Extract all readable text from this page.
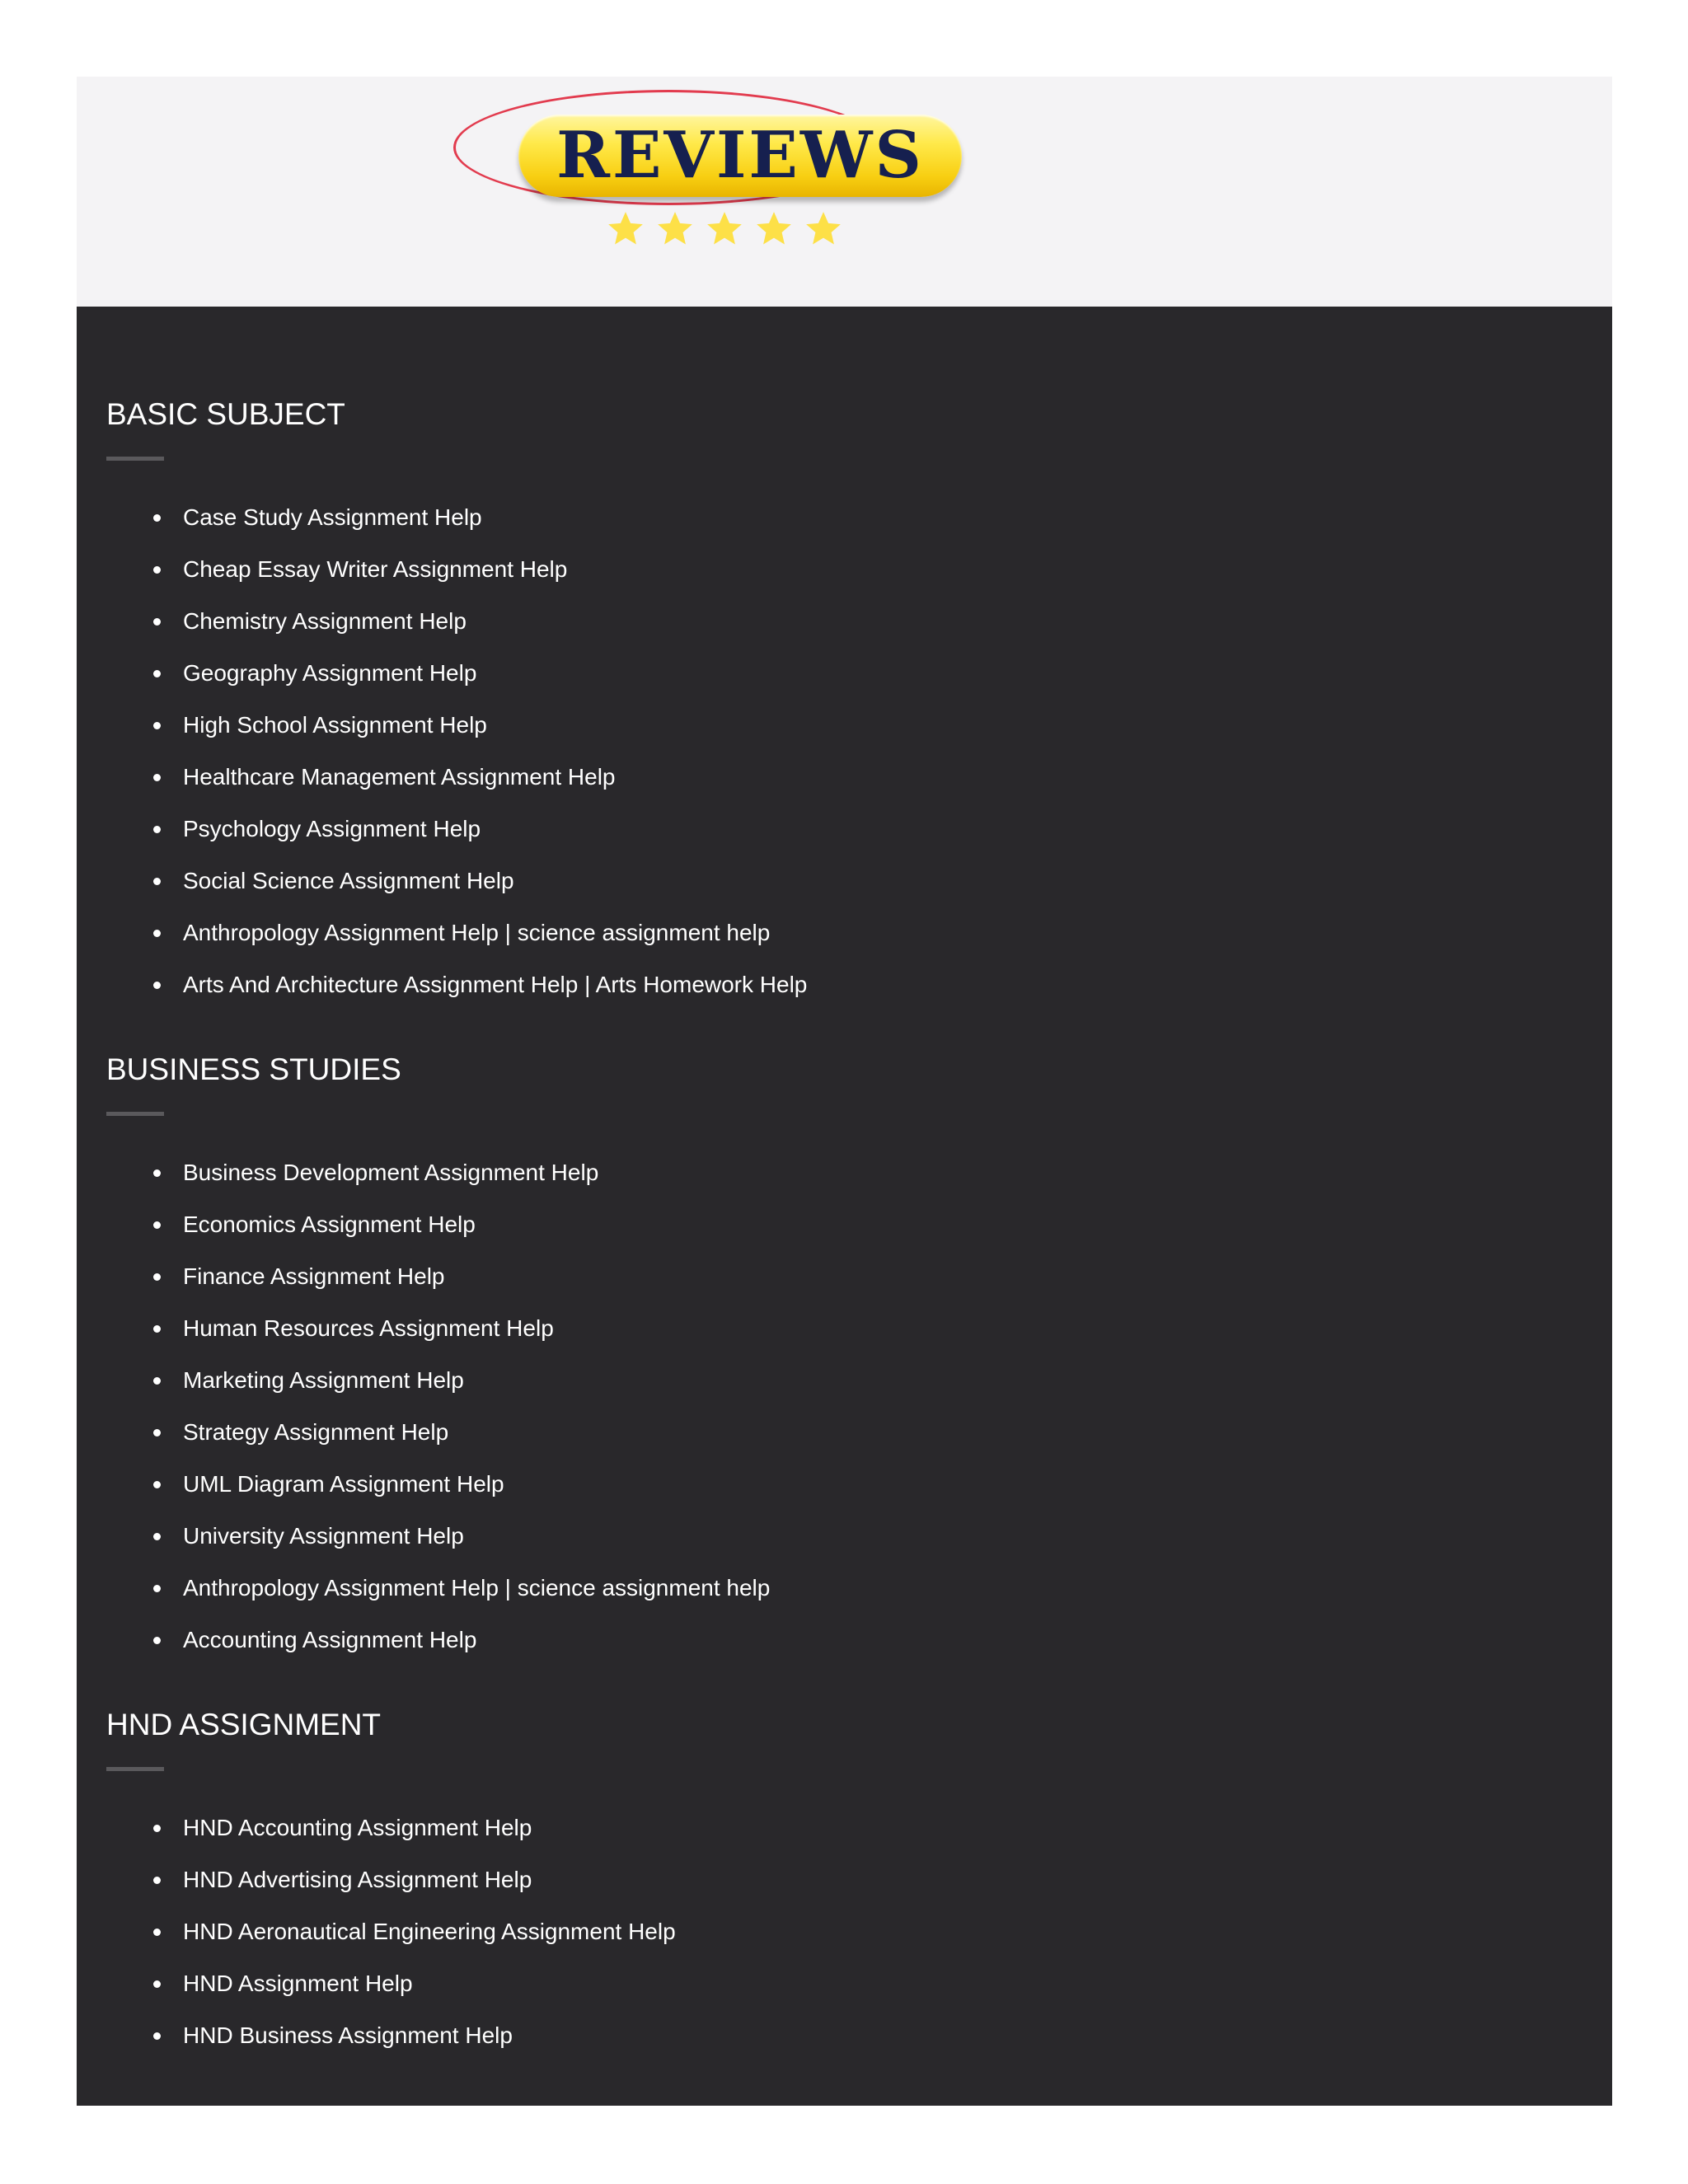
REVIEWS
BASIC SUBJECT
Case Study Assignment Help
Cheap Essay Writer Assignment Help
Chemistry Assignment Help
Geography Assignment Help
High School Assignment Help
Healthcare Management Assignment Help
Psychology Assignment Help
Social Science Assignment Help
Anthropology Assignment Help | science assignment help
Arts And Architecture Assignment Help | Arts Homework Help
BUSINESS STUDIES
Business Development Assignment Help
Economics Assignment Help
Finance Assignment Help
Human Resources Assignment Help
Marketing Assignment Help
Strategy Assignment Help
UML Diagram Assignment Help
University Assignment Help
Anthropology Assignment Help | science assignment help
Accounting Assignment Help
HND ASSIGNMENT
HND Accounting Assignment Help
HND Advertising Assignment Help
HND Aeronautical Engineering Assignment Help
HND Assignment Help
HND Business Assignment Help
